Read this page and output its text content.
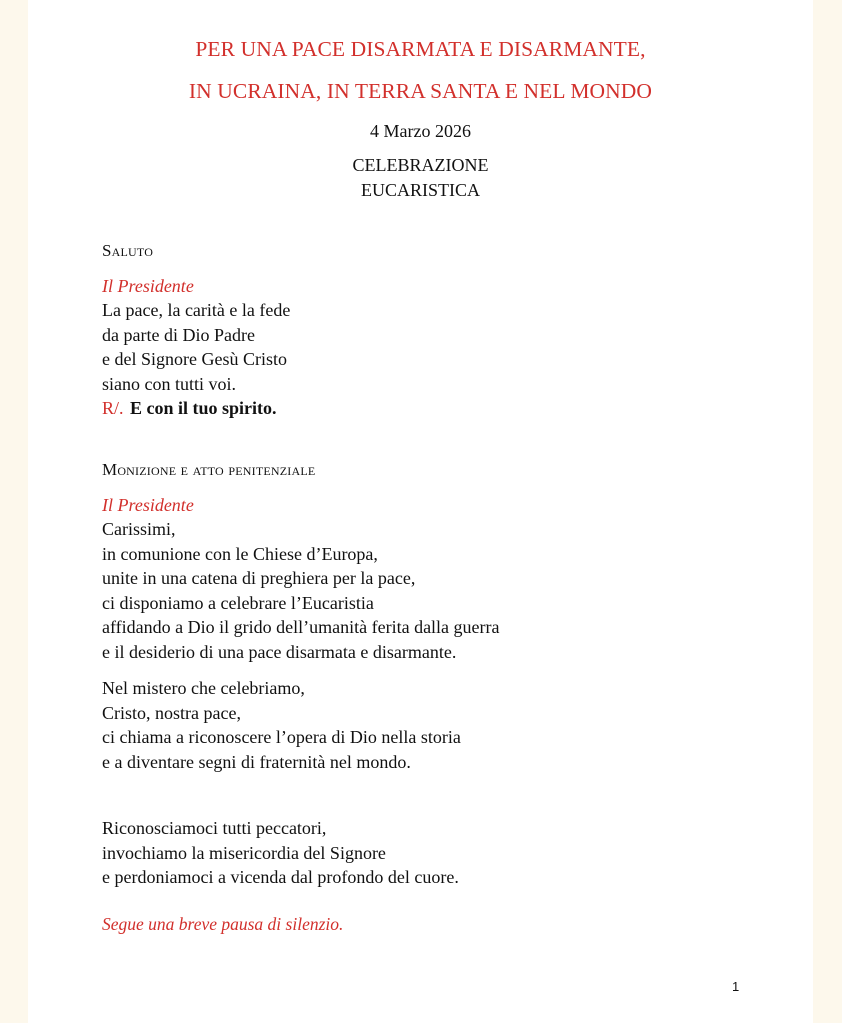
PER UNA PACE DISARMATA E DISARMANTE,
IN UCRAINA, IN TERRA SANTA E NEL MONDO
4 Marzo 2026
CELEBRAZIONE
EUCARISTICA
Saluto
Il Presidente
La pace, la carità e la fede
da parte di Dio Padre
e del Signore Gesù Cristo
siano con tutti voi.
R/. E con il tuo spirito.
Monizione e atto penitenziale
Il Presidente
Carissimi,
in comunione con le Chiese d’Europa,
unite in una catena di preghiera per la pace,
ci disponiamo a celebrare l’Eucaristia
affidando a Dio il grido dell’umanità ferita dalla guerra
e il desiderio di una pace disarmata e disarmante.
Nel mistero che celebriamo,
Cristo, nostra pace,
ci chiama a riconoscere l’opera di Dio nella storia
e a diventare segni di fraternità nel mondo.
Riconosciamoci tutti peccatori,
invochiamo la misericordia del Signore
e perdoniamoci a vicenda dal profondo del cuore.
Segue una breve pausa di silenzio.
1
